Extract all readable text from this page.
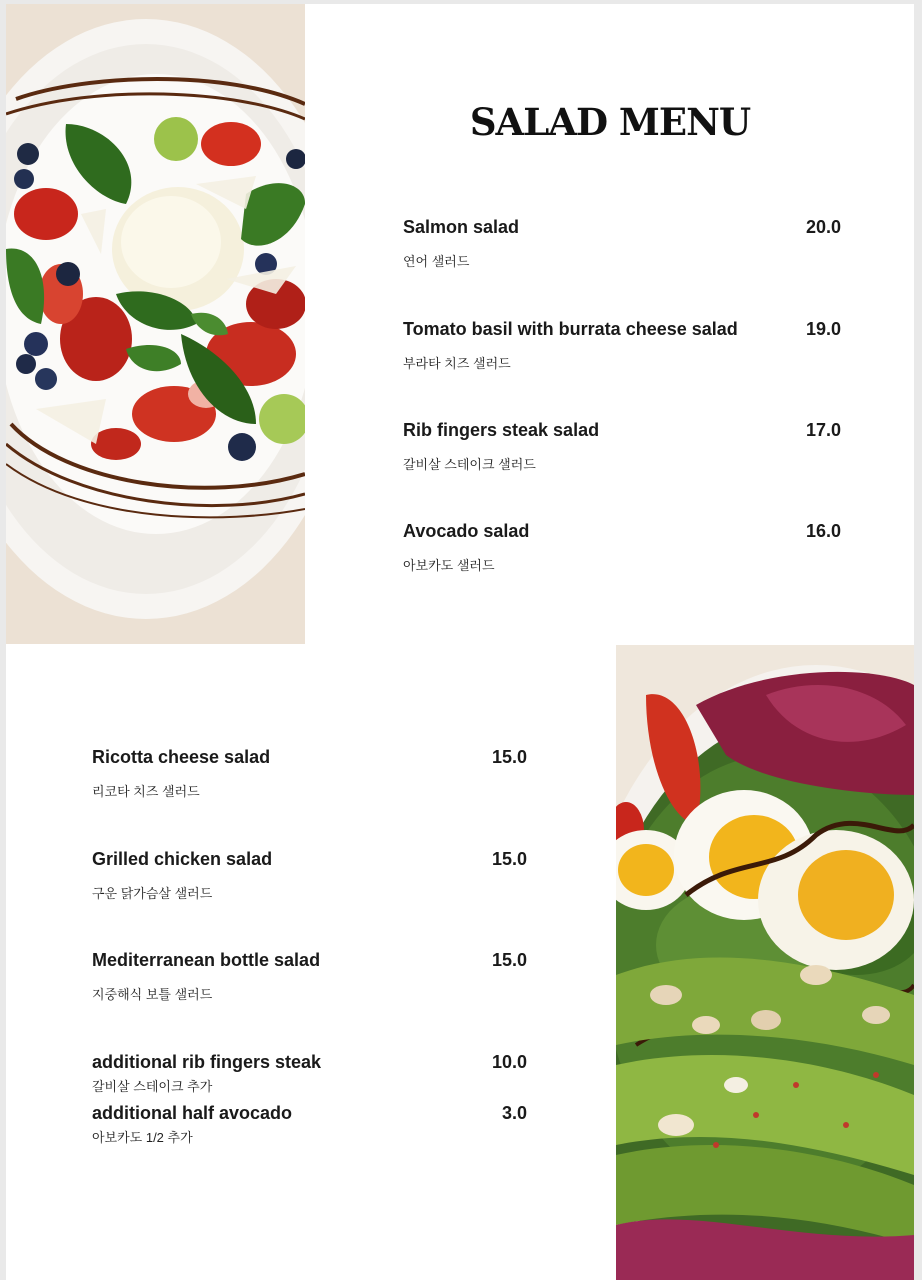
SALAD MENU
Salmon salad	20.0
연어 샐러드
Tomato basil with burrata cheese salad	19.0
부라타 치즈 샐러드
Rib fingers steak salad	17.0
갈비살 스테이크 샐러드
Avocado salad	16.0
아보카도 샐러드
Ricotta cheese salad	15.0
리코타 치즈 샐러드
Grilled chicken salad	15.0
구운 닭가슴살 샐러드
Mediterranean bottle salad	15.0
지중해식 보틀 샐러드
additional rib fingers steak	10.0
갈비살 스테이크 추가
additional half avocado	3.0
아보카도 1/2 추가
